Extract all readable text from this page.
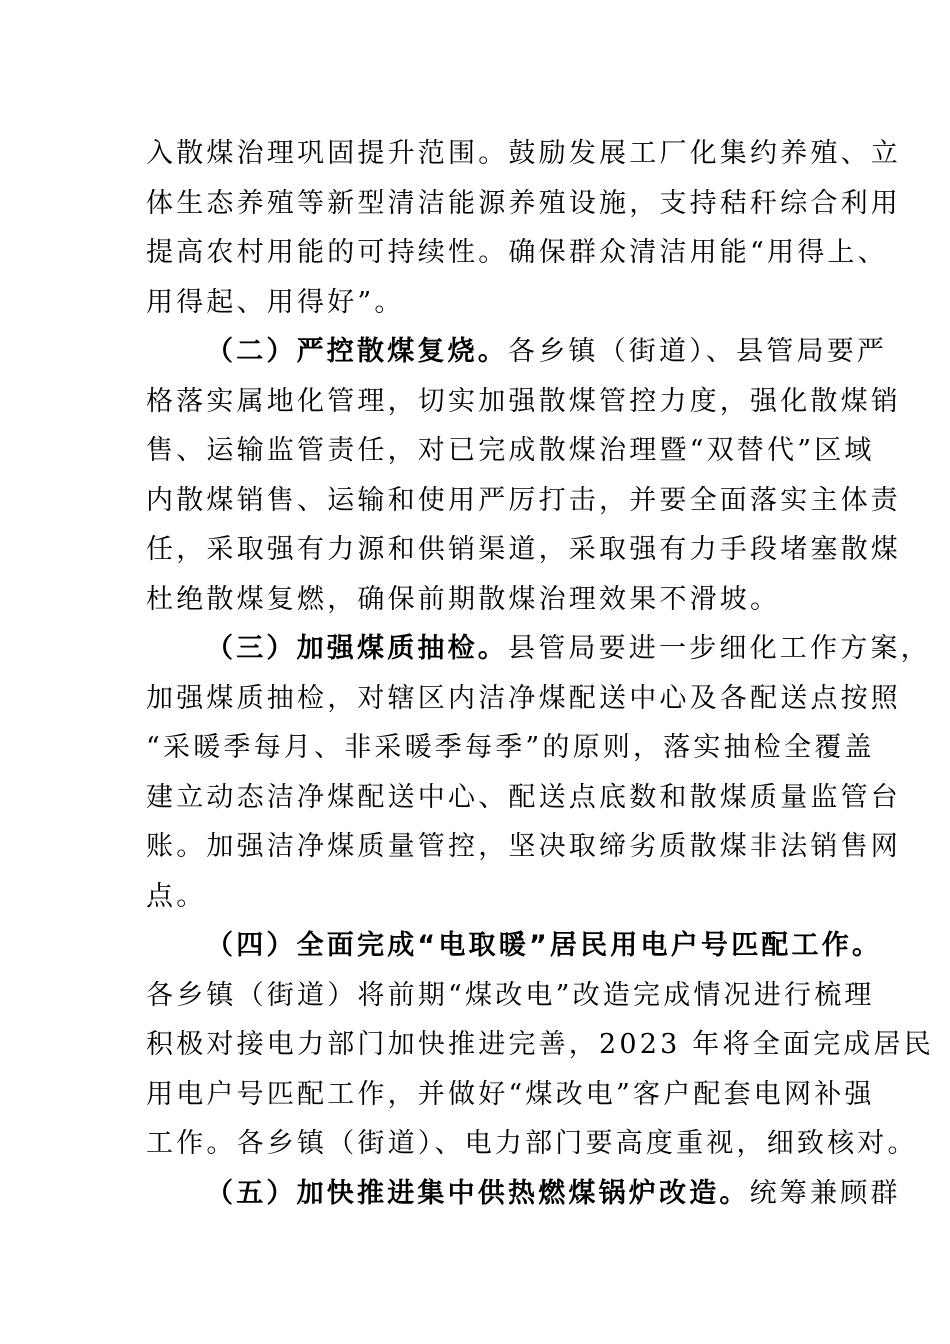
入散煤治理巩固提升范围。鼓励发展工厂化集约养殖、立
体生态养殖等新型清洁能源养殖设施，支持秸秆综合利用
提高农村用能的可持续性。确保群众清洁用能“用得上、
用得起、用得好”。
（二）严控散煤复烧。各乡镇（街道）、县管局要严
格落实属地化管理，切实加强散煤管控力度，强化散煤销
售、运输监管责任，对已完成散煤治理暨“双替代”区域
内散煤销售、运输和使用严厉打击，并要全面落实主体责
任，采取强有力源和供销渠道，采取强有力手段堵塞散煤
杜绝散煤复燃，确保前期散煤治理效果不滑坡。
（三）加强煤质抽检。县管局要进一步细化工作方案，
加强煤质抽检，对辖区内洁净煤配送中心及各配送点按照
“采暖季每月、非采暖季每季”的原则，落实抽检全覆盖
建立动态洁净煤配送中心、配送点底数和散煤质量监管台
账。加强洁净煤质量管控，坚决取缔劣质散煤非法销售网
点。
（四）全面完成“电取暖”居民用电户号匹配工作。
各乡镇（街道）将前期“煤改电”改造完成情况进行梳理
积极对接电力部门加快推进完善，2023 年将全面完成居民
用电户号匹配工作，并做好“煤改电”客户配套电网补强
工作。各乡镇（街道）、电力部门要高度重视，细致核对。
（五）加快推进集中供热燃煤锅炉改造。统筹兼顾群
